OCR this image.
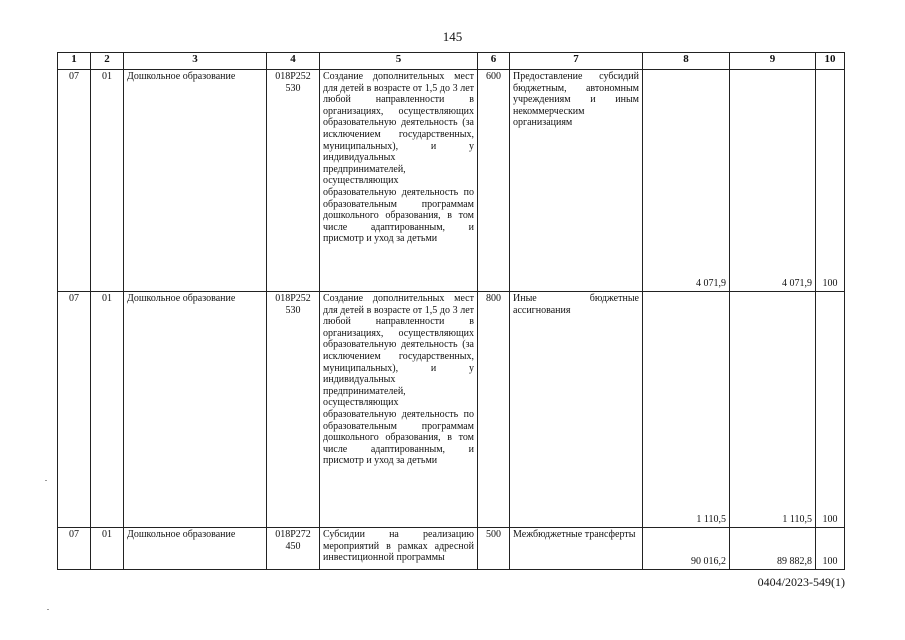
145
1	2	3	4	5	6	7	8	9	10
07	01	Дошкольное образование	018P252 530	Создание дополнительных мест для детей в возрасте от 1,5 до 3 лет любой направленности в организациях, осуществляющих образовательную деятельность (за исключением государственных, муниципальных), и у индивидуальных предпринимателей, осуществляющих образовательную деятельность по образовательным программам дошкольного образования, в том числе адаптированным, и присмотр и уход за детьми	600	Предоставление субсидий бюджетным, автономным учреждениям и иным некоммерческим организациям	4 071,9	4 071,9	100
07	01	Дошкольное образование	018P252 530	Создание дополнительных мест для детей в возрасте от 1,5 до 3 лет любой направленности в организациях, осуществляющих образовательную деятельность (за исключением государственных, муниципальных), и у индивидуальных предпринимателей, осуществляющих образовательную деятельность по образовательным программам дошкольного образования, в том числе адаптированным, и присмотр и уход за детьми	800	Иные бюджетные ассигнования	1 110,5	1 110,5	100
07	01	Дошкольное образование	018P272 450	Субсидии на реализацию мероприятий в рамках адресной инвестиционной программы	500	Межбюджетные трансферты	90 016,2	89 882,8	100
0404/2023-549(1)
